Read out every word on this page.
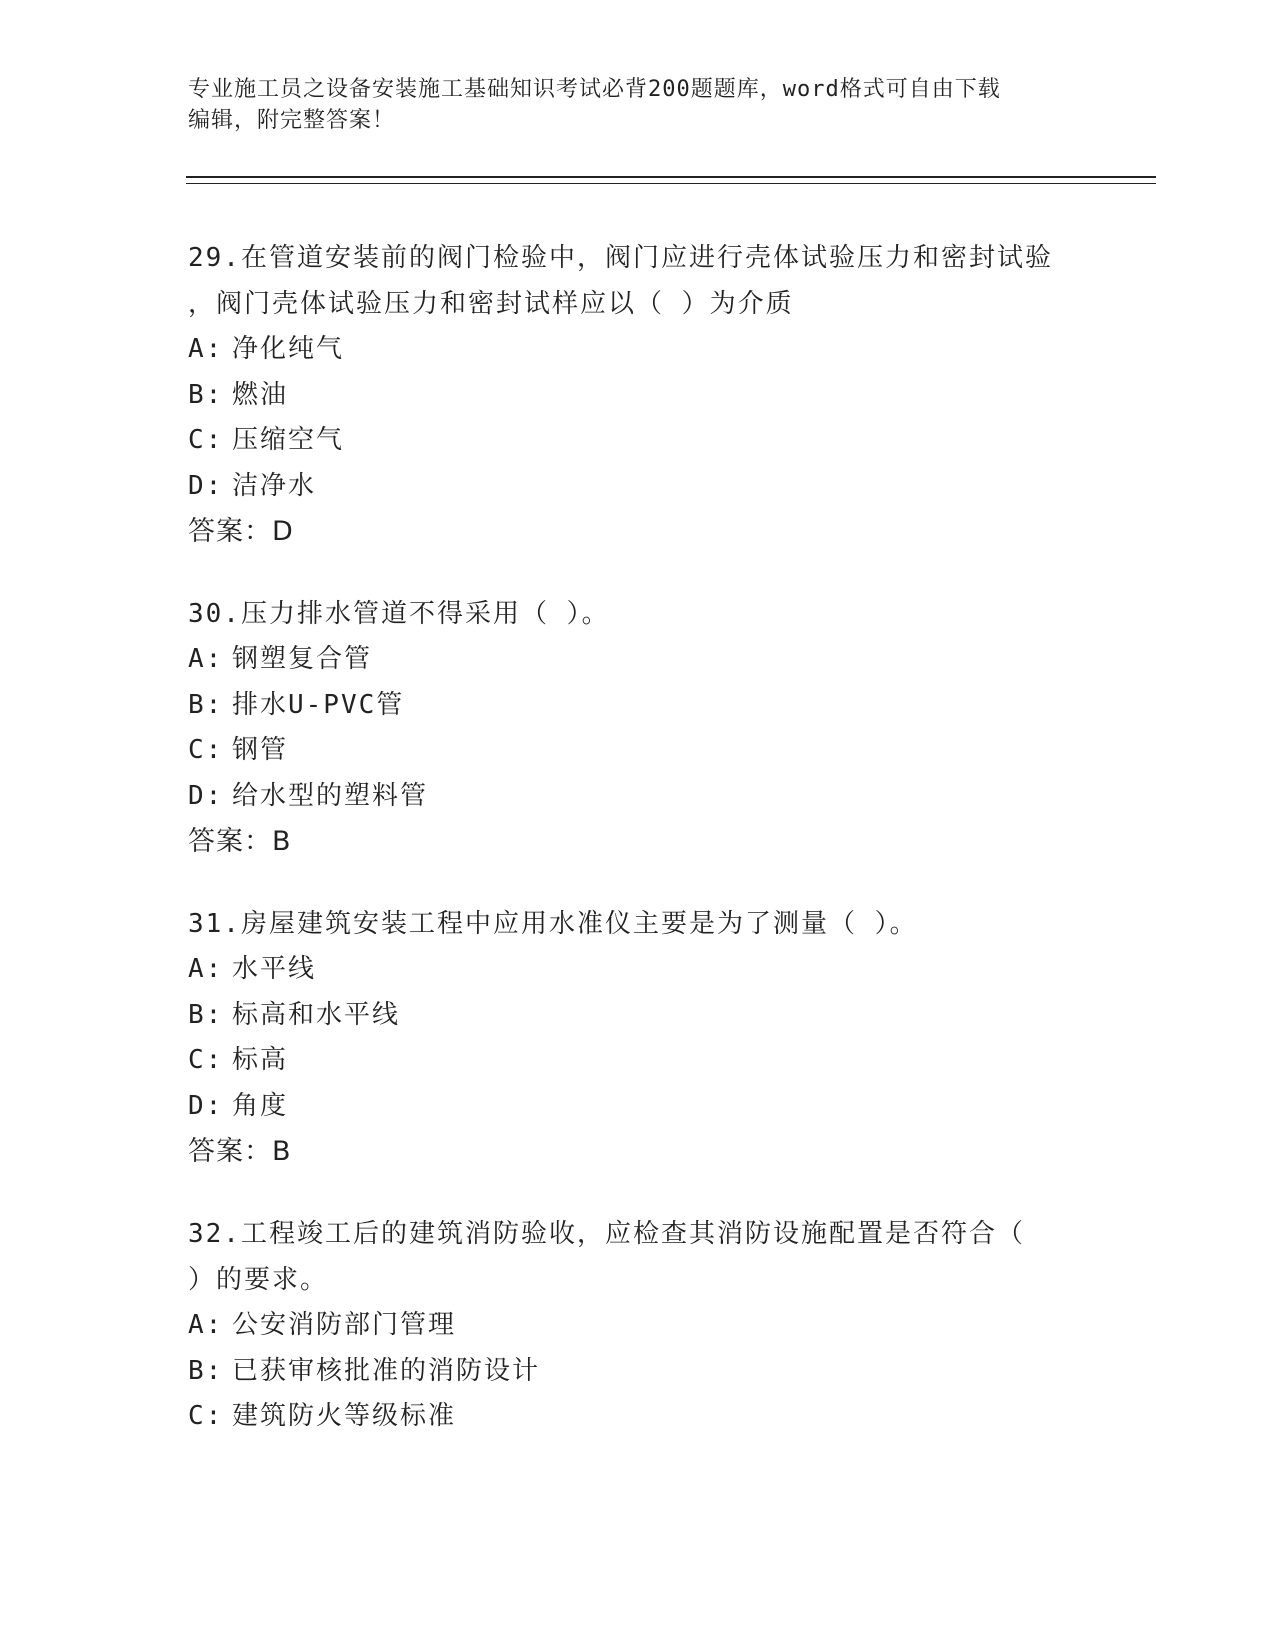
专业施工员之设备安装施工基础知识考试必背200题题库，word格式可自由下载
编辑，附完整答案！
29.在管道安装前的阀门检验中，阀门应进行壳体试验压力和密封试验
，阀门壳体试验压力和密封试样应以（ ）为介质
A: 净化纯气
B: 燃油
C: 压缩空气
D: 洁净水
答案：D
30.压力排水管道不得采用（ ）。
A: 钢塑复合管
B: 排水U-PVC管
C: 钢管
D: 给水型的塑料管
答案：B
31.房屋建筑安装工程中应用水准仪主要是为了测量（ ）。
A: 水平线
B: 标高和水平线
C: 标高
D: 角度
答案：B
32.工程竣工后的建筑消防验收，应检查其消防设施配置是否符合（
）的要求。
A: 公安消防部门管理
B: 已获审核批准的消防设计
C: 建筑防火等级标准
